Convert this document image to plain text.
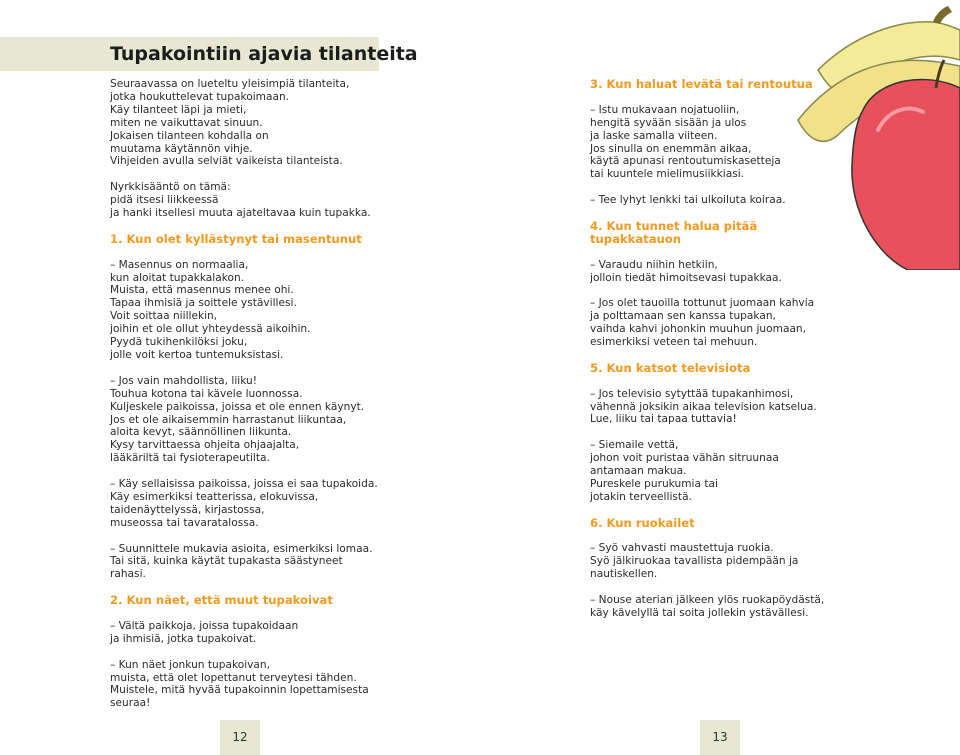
Tupakointiin ajavia tilanteita

Seuraavassa on lueteltu yleisimpiä tilanteita,

jotka houkuttelevat tupakoimaan.

Käy tilanteet läpi ja mieti,

miten ne vaikuttavat sinuun.

Jokaisen tilanteen kohdalla on

muutama käytännön vihje.

Vihjeiden avulla selviät vaikeista tilanteista.

Nyrkkisääntö on tämä:

pidä itsesi liikkeessä

ja hanki itsellesi muuta ajateltavaa kuin tupakka.

1. Kun olet kyllästynyt tai masentunut

– Masennus on normaalia,

kun aloitat tupakkalakon.

Muista, että masennus menee ohi.

Tapaa ihmisiä ja soittele ystävillesi.

Voit soittaa niillekin,

joihin et ole ollut yhteydessä aikoihin.

Pyydä tukihenkilöksi joku,

jolle voit kertoa tuntemuksistasi.

– Jos vain mahdollista, liiku!

Touhua kotona tai kävele luonnossa.

Kuljeskele paikoissa, joissa et ole ennen käynyt.

Jos et ole aikaisemmin harrastanut liikuntaa,

aloita kevyt, säännöllinen liikunta.

Kysy tarvittaessa ohjeita ohjaajalta,

lääkäriltä tai fysioterapeutilta.

– Käy sellaisissa paikoissa, joissa ei saa tupakoida.

Käy esimerkiksi teatterissa, elokuvissa,

taidenäyttelyssä, kirjastossa,

museossa tai tavaratalossa.

– Suunnittele mukavia asioita, esimerkiksi lomaa.

Tai sitä, kuinka käytät tupakasta säästyneet rahasi.

2. Kun näet, että muut tupakoivat

– Vältä paikkoja, joissa tupakoidaan

ja ihmisiä, jotka tupakoivat.

– Kun näet jonkun tupakoivan,

muista, että olet lopettanut terveytesi tähden.

Muistele, mitä hyvää tupakoinnin lopettamisesta seuraa!

3. Kun haluat levätä tai rentoutua

– Istu mukavaan nojatuoliin,

hengitä syvään sisään ja ulos

ja laske samalla viiteen.

Jos sinulla on enemmän aikaa,

käytä apunasi rentoutumiskasetteja

tai kuuntele mielimusiikkiasi.

– Tee lyhyt lenkki tai ulkoiluta koiraa.

4. Kun tunnet halua pitää tupakkatauon

– Varaudu niihin hetkiin,

jolloin tiedät himoitsevasi tupakkaa.

– Jos olet tauoilla tottunut juomaan kahvia

ja polttamaan sen kanssa tupakan,

vaihda kahvi johonkin muuhun juomaan,

esimerkiksi veteen tai mehuun.

5. Kun katsot televisiota

– Jos televisio sytyttää tupakanhimosi,

vähennä joksikin aikaa television katselua.

Lue, liiku tai tapaa tuttavia!

– Siemaile vettä,

johon voit puristaa vähän sitruunaa

antamaan makua.

Pureskele purukumia tai

jotakin terveellistä.

6. Kun ruokailet

– Syö vahvasti maustettuja ruokia.

Syö jälkiruokaa tavallista pidempään ja nautiskellen.

– Nouse aterian jälkeen ylös ruokapöydästä,

käy kävelyllä tai soita jollekin ystävällesi.

12	13
